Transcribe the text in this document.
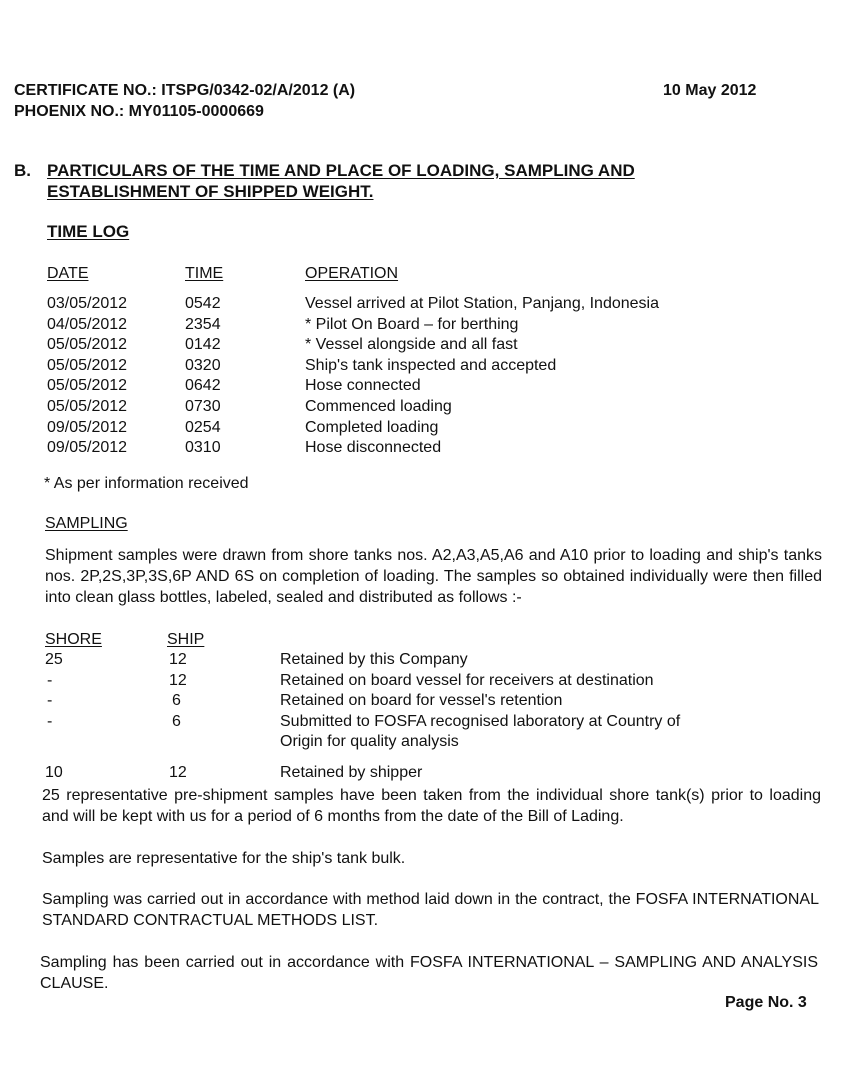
CERTIFICATE NO.: ITSPG/0342-02/A/2012 (A)	10 May 2012
PHOENIX NO.: MY01105-0000669
B. PARTICULARS OF THE TIME AND PLACE OF LOADING, SAMPLING AND
ESTABLISHMENT OF SHIPPED WEIGHT.
TIME LOG
DATE	TIME	OPERATION
03/05/2012	0542	Vessel arrived at Pilot Station, Panjang, Indonesia
04/05/2012	2354	* Pilot On Board – for berthing
05/05/2012	0142	* Vessel alongside and all fast
05/05/2012	0320	Ship's tank inspected and accepted
05/05/2012	0642	Hose connected
05/05/2012	0730	Commenced loading
09/05/2012	0254	Completed loading
09/05/2012	0310	Hose disconnected
* As per information received
SAMPLING
Shipment samples were drawn from shore tanks nos. A2,A3,A5,A6 and A10 prior to loading and ship's tanks nos. 2P,2S,3P,3S,6P AND 6S on completion of loading. The samples so obtained individually were then filled into clean glass bottles, labeled, sealed and distributed as follows :-
SHORE	SHIP
25	12	Retained by this Company
-	12	Retained on board vessel for receivers at destination
-	6	Retained on board for vessel's retention
-	6	Submitted to FOSFA recognised laboratory at Country of
Origin for quality analysis
10	12	Retained by shipper
25 representative pre-shipment samples have been taken from the individual shore tank(s) prior to loading and will be kept with us for a period of 6 months from the date of the Bill of Lading.
Samples are representative for the ship's tank bulk.
Sampling was carried out in accordance with method laid down in the contract, the FOSFA INTERNATIONAL STANDARD CONTRACTUAL METHODS LIST.
Sampling has been carried out in accordance with FOSFA INTERNATIONAL – SAMPLING AND ANALYSIS CLAUSE.
Page No. 3
